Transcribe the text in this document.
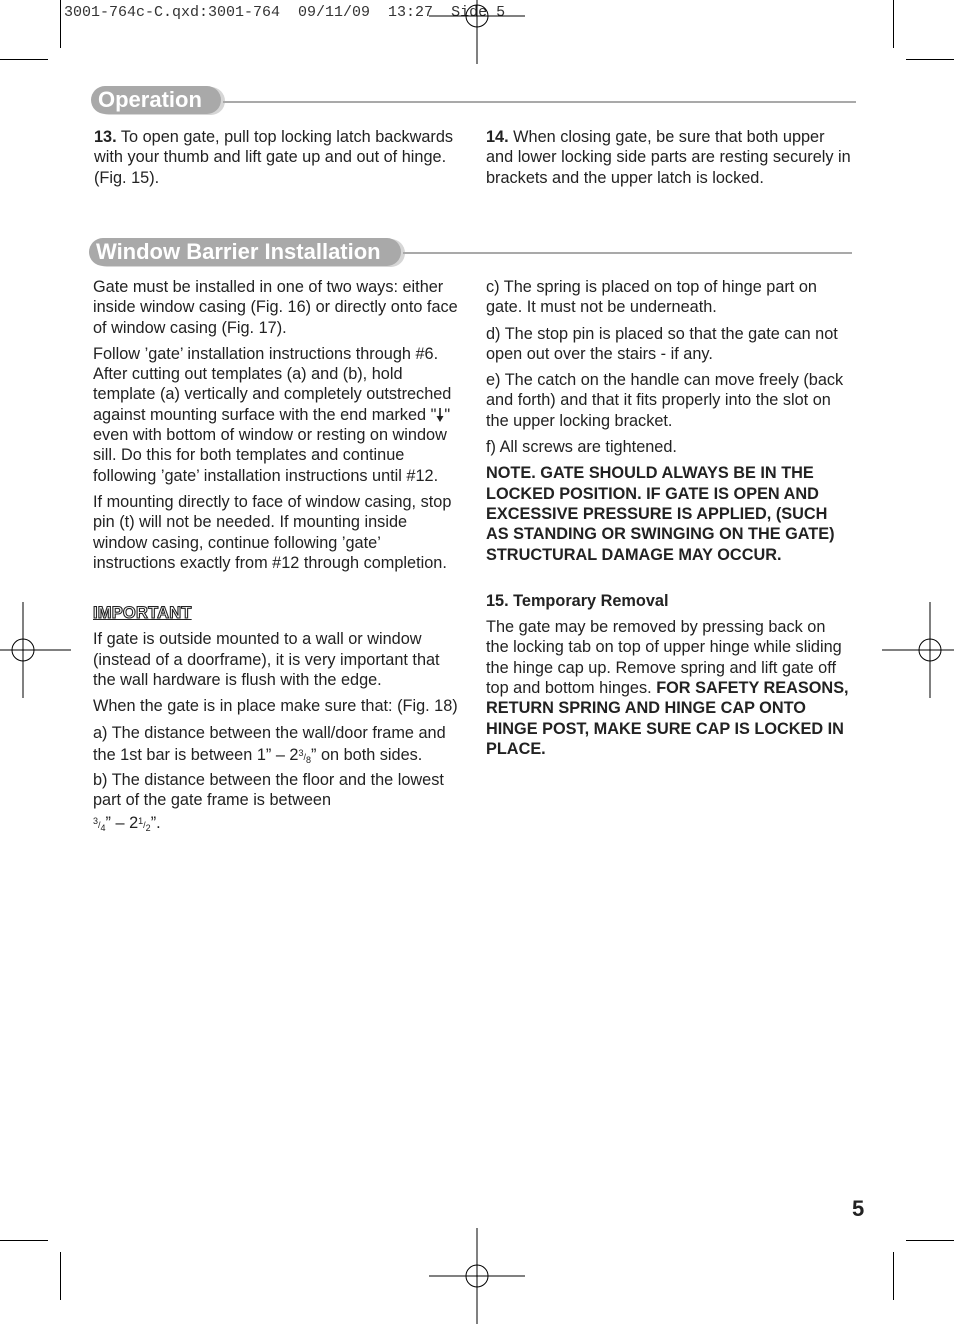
3001-764c-C.qxd:3001-764  09/11/09  13:27  Side 5
Operation

13. To open gate, pull top locking latch backwards with your thumb and lift gate up and out of hinge. (Fig. 15).

14. When closing gate, be sure that both upper and lower locking side parts are resting securely in brackets and the upper latch is locked.

Window Barrier Installation

Gate must be installed in one of two ways: either inside window casing (Fig. 16) or directly onto face of window casing (Fig. 17).

Follow ’gate’ installation instructions through #6. After cutting out templates (a) and (b), hold template (a) vertically and completely outstreched against mounting surface with the end marked " " even with bottom of window or resting on window sill. Do this for both templates and continue following ’gate’ installation instructions until #12.

If mounting directly to face of window casing, stop pin (t) will not be needed. If mounting inside window casing, continue following ’gate’ instructions exactly from #12 through completion.

IMPORTANT

If gate is outside mounted to a wall or window (instead of a doorframe), it is very important that the wall hardware is flush with the edge.

When the gate is in place make sure that: (Fig. 18)

a) The distance between the wall/door frame and the 1st bar is between 1” – $2^3/_8$” on both sides.

b) The distance between the floor and the lowest part of the gate frame is between
$^3/_4$” – $2^1/_2$”.

c) The spring is placed on top of hinge part on gate. It must not be underneath.

d) The stop pin is placed so that the gate can not open out over the stairs - if any.

e) The catch on the handle can move freely (back and forth) and that it fits properly into the slot on the upper locking bracket.

f) All screws are tightened.

NOTE. GATE SHOULD ALWAYS BE IN THE LOCKED POSITION. IF GATE IS OPEN AND EXCESSIVE PRESSURE IS APPLIED, (SUCH AS STANDING OR SWINGING ON THE GATE) STRUCTURAL DAMAGE MAY OCCUR.

15. Temporary Removal

The gate may be removed by pressing back on the locking tab on top of upper hinge while sliding the hinge cap up. Remove spring and lift gate off top and bottom hinges. FOR SAFETY REASONS, RETURN SPRING AND HINGE CAP ONTO HINGE POST, MAKE SURE CAP IS LOCKED IN PLACE.

5
